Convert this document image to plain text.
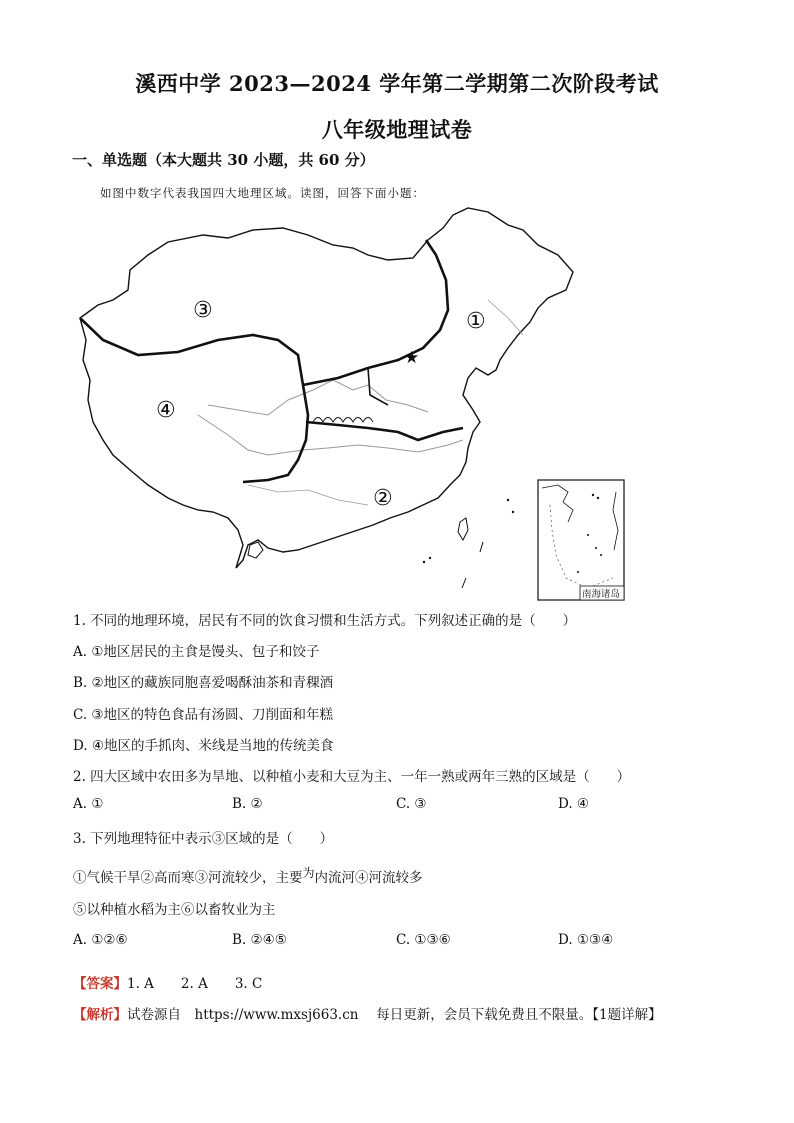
溪西中学 2023—2024 学年第二学期第二次阶段考试
八年级地理试卷
一、单选题（本大题共 30 小题，共 60 分）
如图中数字代表我国四大地理区域。读图，回答下面小题：
①
②
③
④
★
南海诸岛
1. 不同的地理环境，居民有不同的饮食习惯和生活方式。下列叙述正确的是（　　）
A. ①地区居民的主食是馒头、包子和饺子
B. ②地区的藏族同胞喜爱喝酥油茶和青稞酒
C. ③地区的特色食品有汤圆、刀削面和年糕
D. ④地区的手抓肉、米线是当地的传统美食
2. 四大区域中农田多为旱地、以种植小麦和大豆为主、一年一熟或两年三熟的区域是（　　）
A. ①	B. ②	C. ③	D. ④
3. 下列地理特征中表示③区域的是（　　）
①气候干旱②高而寒③河流较少，主要为内流河④河流较多
⑤以种植水稻为主⑥以畜牧业为主
A. ①②⑥	B. ②④⑤	C. ①③⑥	D. ①③④
【答案】1. A　　2. A　　3. C
【解析】试卷源自　https://www.mxsj663.cn　 每日更新，会员下载免费且不限量。【1题详解】
